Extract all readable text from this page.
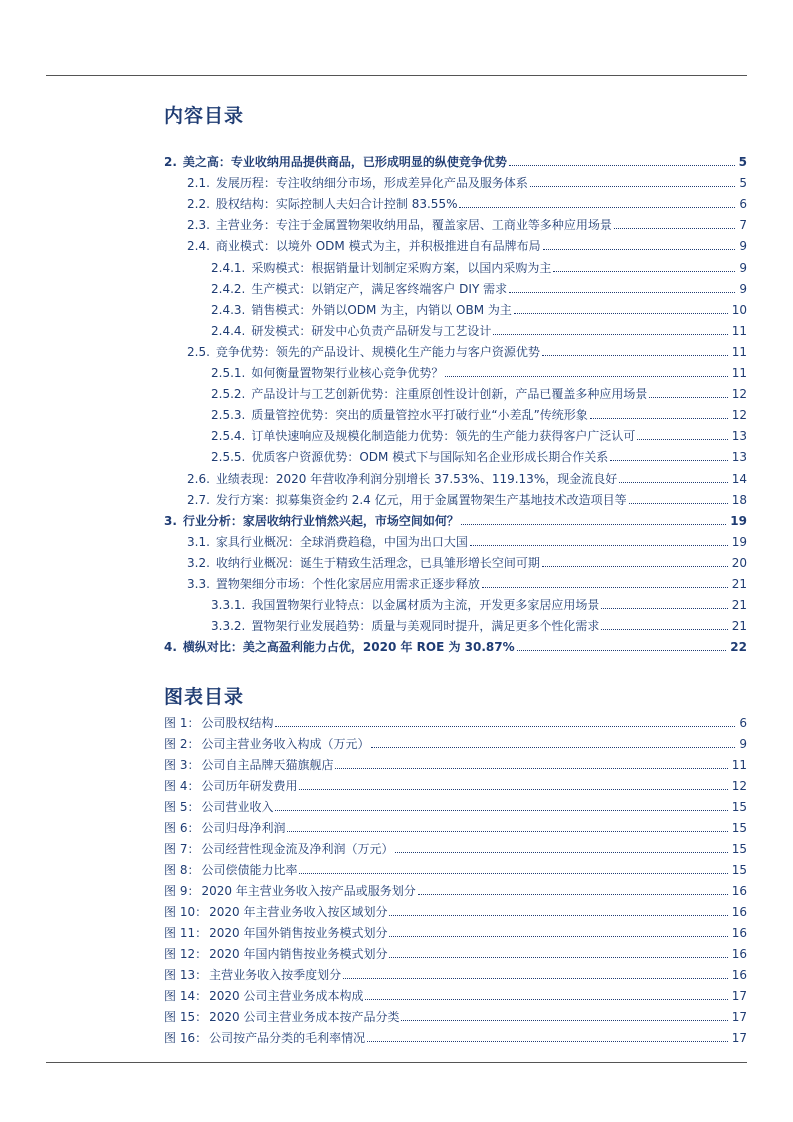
内容目录
2. 美之高：专业收纳用品提供商品，已形成明显的纵使竞争优势	5
2.1. 发展历程：专注收纳细分市场，形成差异化产品及服务体系	5
2.2. 股权结构：实际控制人夫妇合计控制 83.55%	6
2.3. 主营业务：专注于金属置物架收纳用品，覆盖家居、工商业等多种应用场景	7
2.4. 商业模式：以境外 ODM 模式为主，并积极推进自有品牌布局	9
2.4.1. 采购模式：根据销量计划制定采购方案，以国内采购为主	9
2.4.2. 生产模式：以销定产，满足客终端客户 DIY 需求	9
2.4.3. 销售模式：外销以ODM 为主，内销以 OBM 为主	10
2.4.4. 研发模式：研发中心负责产品研发与工艺设计	11
2.5. 竞争优势：领先的产品设计、规模化生产能力与客户资源优势	11
2.5.1. 如何衡量置物架行业核心竞争优势？	11
2.5.2. 产品设计与工艺创新优势：注重原创性设计创新，产品已覆盖多种应用场景	12
2.5.3. 质量管控优势：突出的质量管控水平打破行业“小差乱”传统形象	12
2.5.4. 订单快速响应及规模化制造能力优势：领先的生产能力获得客户广泛认可	13
2.5.5. 优质客户资源优势：ODM 模式下与国际知名企业形成长期合作关系	13
2.6. 业绩表现：2020 年营收净利润分别增长 37.53%、119.13%，现金流良好	14
2.7. 发行方案：拟募集资金约 2.4 亿元，用于金属置物架生产基地技术改造项目等	18
3. 行业分析：家居收纳行业悄然兴起，市场空间如何？	19
3.1. 家具行业概况：全球消费趋稳，中国为出口大国	19
3.2. 收纳行业概况：诞生于精致生活理念，已具雏形增长空间可期	20
3.3. 置物架细分市场：个性化家居应用需求正逐步释放	21
3.3.1. 我国置物架行业特点：以金属材质为主流，开发更多家居应用场景	21
3.3.2. 置物架行业发展趋势：质量与美观同时提升，满足更多个性化需求	21
4. 横纵对比：美之高盈利能力占优，2020 年 ROE 为 30.87%	22
图表目录
图 1： 公司股权结构	6
图 2： 公司主营业务收入构成（万元）	9
图 3： 公司自主品牌天猫旗舰店	11
图 4： 公司历年研发费用	12
图 5： 公司营业收入	15
图 6： 公司归母净利润	15
图 7： 公司经营性现金流及净利润（万元）	15
图 8： 公司偿债能力比率	15
图 9： 2020 年主营业务收入按产品或服务划分	16
图 10： 2020 年主营业务收入按区域划分	16
图 11： 2020 年国外销售按业务模式划分	16
图 12： 2020 年国内销售按业务模式划分	16
图 13： 主营业务收入按季度划分	16
图 14： 2020 公司主营业务成本构成	17
图 15： 2020 公司主营业务成本按产品分类	17
图 16： 公司按产品分类的毛利率情况	17
